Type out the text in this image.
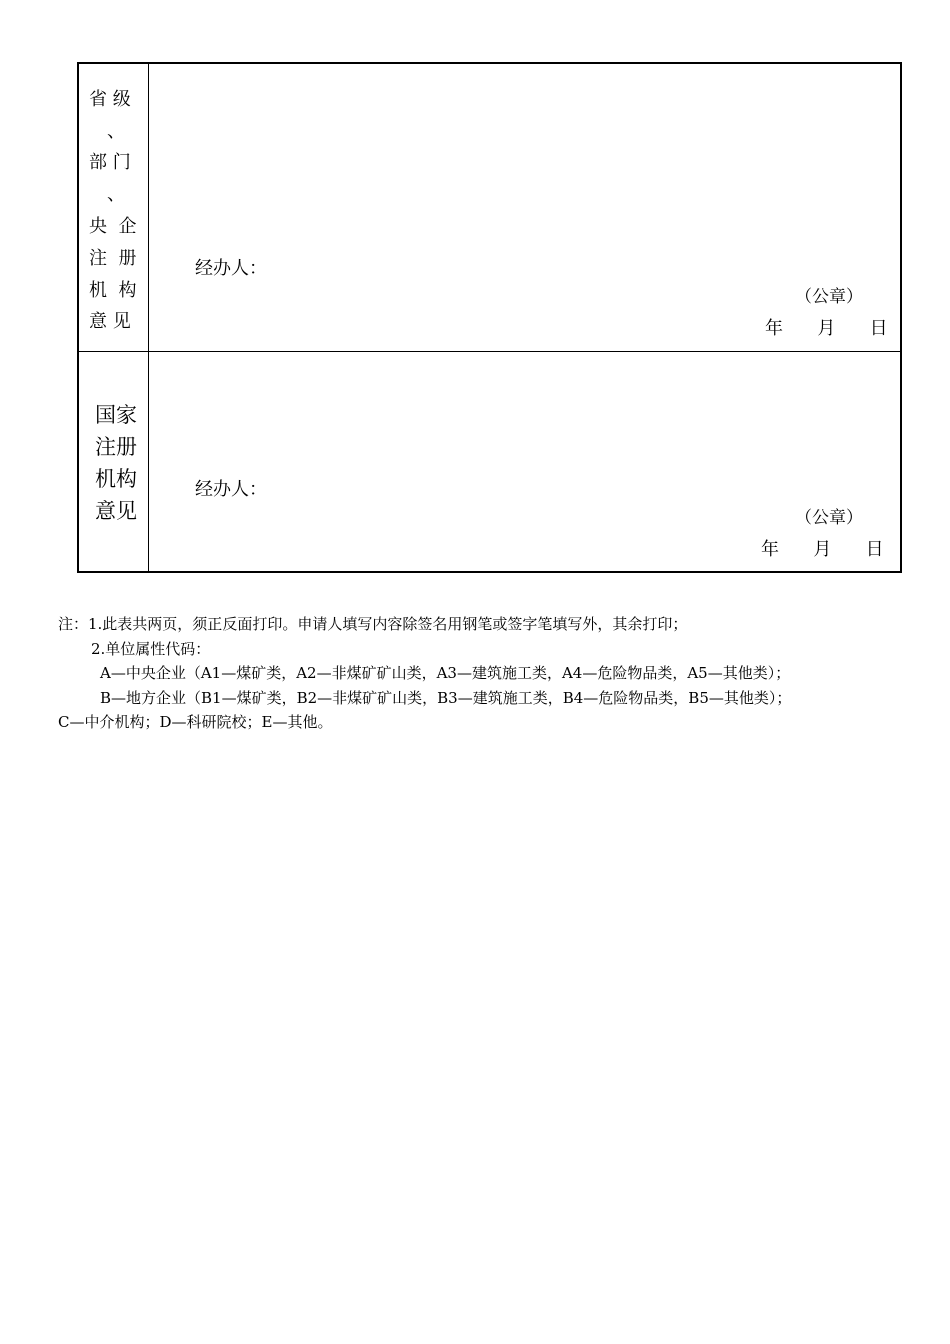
省 级
、
部 门
、
央  企
注  册
机  构
意 见
经办人：
（公章）
年      月      日
国家
注册
机构
意见
经办人：
（公章）
年      月      日
注：1.此表共两页，须正反面打印。申请人填写内容除签名用钢笔或签字笔填写外，其余打印；
2.单位属性代码：
A—中央企业（A1—煤矿类，A2—非煤矿矿山类，A3—建筑施工类，A4—危险物品类，A5—其他类）；
B—地方企业（B1—煤矿类，B2—非煤矿矿山类，B3—建筑施工类，B4—危险物品类，B5—其他类）；
C—中介机构；D—科研院校；E—其他。
